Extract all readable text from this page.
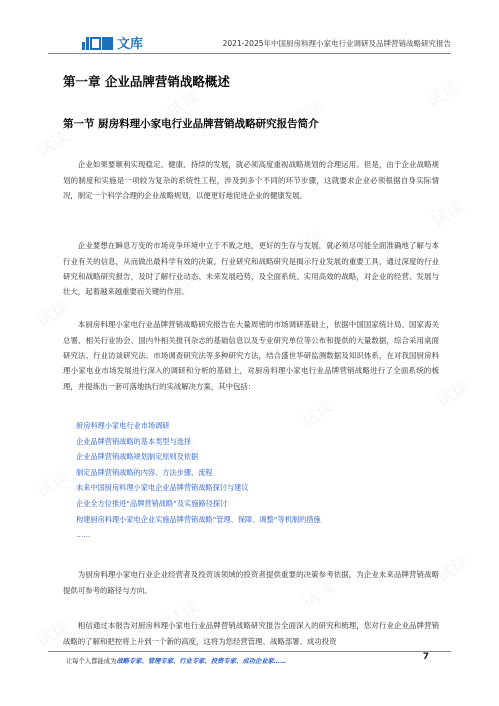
文库	2021-2025年中国厨房料理小家电行业调研及品牌营销战略研究报告
第一章 企业品牌营销战略概述
第一节 厨房料理小家电行业品牌营销战略研究报告简介

企业如果要顺利实现稳定、健康、持续的发展，就必须高度重视战略规划的合理运用。但是，由于企业战略规划的制度和实施是一项较为复杂的系统性工程，涉及到多个不同的环节步骤，这就要求企业必须根据自身实际情况，制定一个科学合理的企业战略规划，以便更好地促进企业的健康发展。

企业要想在瞬息万变的市场竞争环境中立于不败之地，更好的生存与发展，就必须尽可能全面准确地了解与本行业有关的信息，从而做出最科学有效的决策。行业研究和战略研究是揭示行业发展的重要工具，通过深度的行业研究和战略研究报告，及时了解行业动态、未来发展趋势，及全面系统、实用高效的战略，对企业的经营、发展与壮大，起着越来越重要而关键的作用。

本厨房料理小家电行业品牌营销战略研究报告在大量周密的市场调研基础上，依据中国国家统计局、国家海关总署、相关行业协会、国内外相关报刊杂志的基础信息以及专业研究单位等公布和提供的大量数据，综合采用桌面研究法、行业访谈研究法、市场调查研究法等多种研究方法，结合盛世华研监测数据及知识体系，在对我国厨房料理小家电业市场发展进行深入的调研和分析的基础上，对厨房料理小家电行业品牌营销战略进行了全面系统的梳理，并提炼出一套可落地执行的实战解决方案，其中包括：

厨房料理小家电行业市场调研
企业品牌营销战略的基本类型与选择
企业品牌营销战略规划制定原则及依据
制定品牌营销战略的内容、方法步骤、流程
未来中国厨房料理小家电企业品牌营销战略探讨与建议
企业全方位推进“品牌营销战略”及实施路径探讨
构建厨房料理小家电企业实施品牌营销战略“管理、保障、调整”等机制的措施
……

为厨房料理小家电行业企业经营者及投资该领域的投资者提供重要的决策参考依据，为企业未来品牌营销战略提供可参考的路径与方向。

相信通过本报告对厨房料理小家电行业品牌营销战略研究报告全面深入的研究和梳理，您对行业企业品牌营销战略的了解和把控将上升到一个新的高度，这将为您经营管理、战略部署、成功投资

让每个人都能成为战略专家、管理专家、行业专家、投资专家、成功企业家……	7
试读
试读	试读
试读
试读
试读
试读
试读
试读
试读
试读
试读
试读
试读
试读
试读
